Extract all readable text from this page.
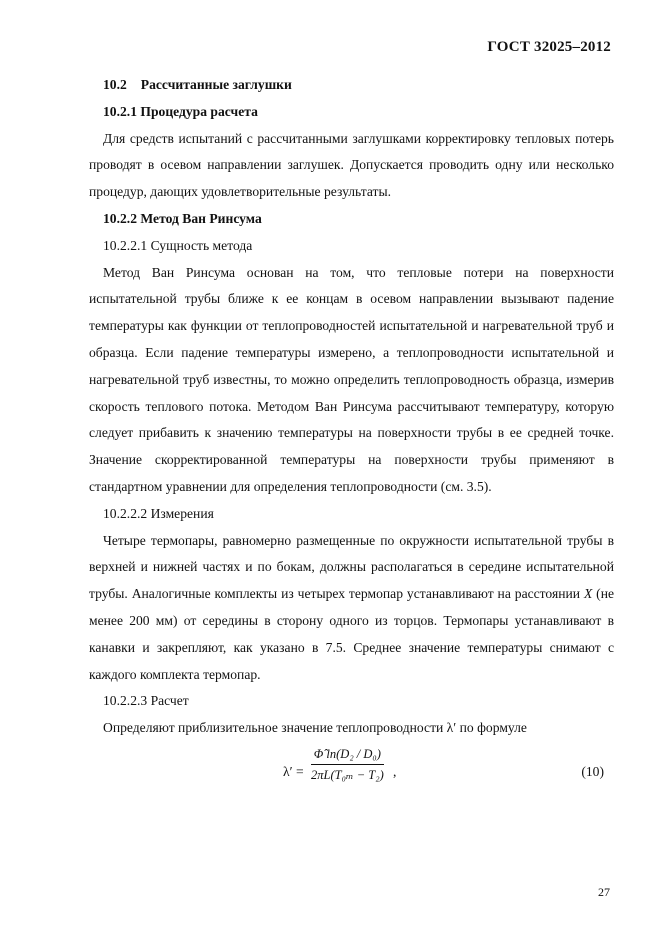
ГОСТ 32025–2012
10.2 Рассчитанные заглушки
10.2.1 Процедура расчета

Для средств испытаний с рассчитанными заглушками корректировку тепловых потерь проводят в осевом направлении заглушек. Допускается проводить одну или несколько процедур, дающих удовлетворительные результаты.

10.2.2 Метод Ван Ринсума
10.2.2.1 Сущность метода

Метод Ван Ринсума основан на том, что тепловые потери на поверхности испытательной трубы ближе к ее концам в осевом направлении вызывают падение температуры как функции от теплопроводностей испытательной и нагревательной труб и образца. Если падение температуры измерено, а теплопроводности испытательной и нагревательной труб известны, то можно определить теплопроводность образца, измерив скорость теплового потока. Методом Ван Ринсума рассчитывают температуру, которую следует прибавить к значению температуры на поверхности трубы в ее средней точке. Значение скорректированной температуры на поверхности трубы применяют в стандартном уравнении для определения теплопроводности (см. 3.5).

10.2.2.2 Измерения

Четыре термопары, равномерно размещенные по окружности испытательной трубы в верхней и нижней частях и по бокам, должны располагаться в середине испытательной трубы. Аналогичные комплекты из четырех термопар устанавливают на расстоянии X (не менее 200 мм) от середины в сторону одного из торцов. Термопары устанавливают в канавки и закрепляют, как указано в 7.5. Среднее значение температуры снимают с каждого комплекта термопар.

10.2.2.3 Расчет

Определяют приблизительное значение теплопроводности λ′ по формуле

λ′ =
Φ̂ ln(D₂ / D₀)
2πL(T₀ₘ − T₂) ,	(10)
27
